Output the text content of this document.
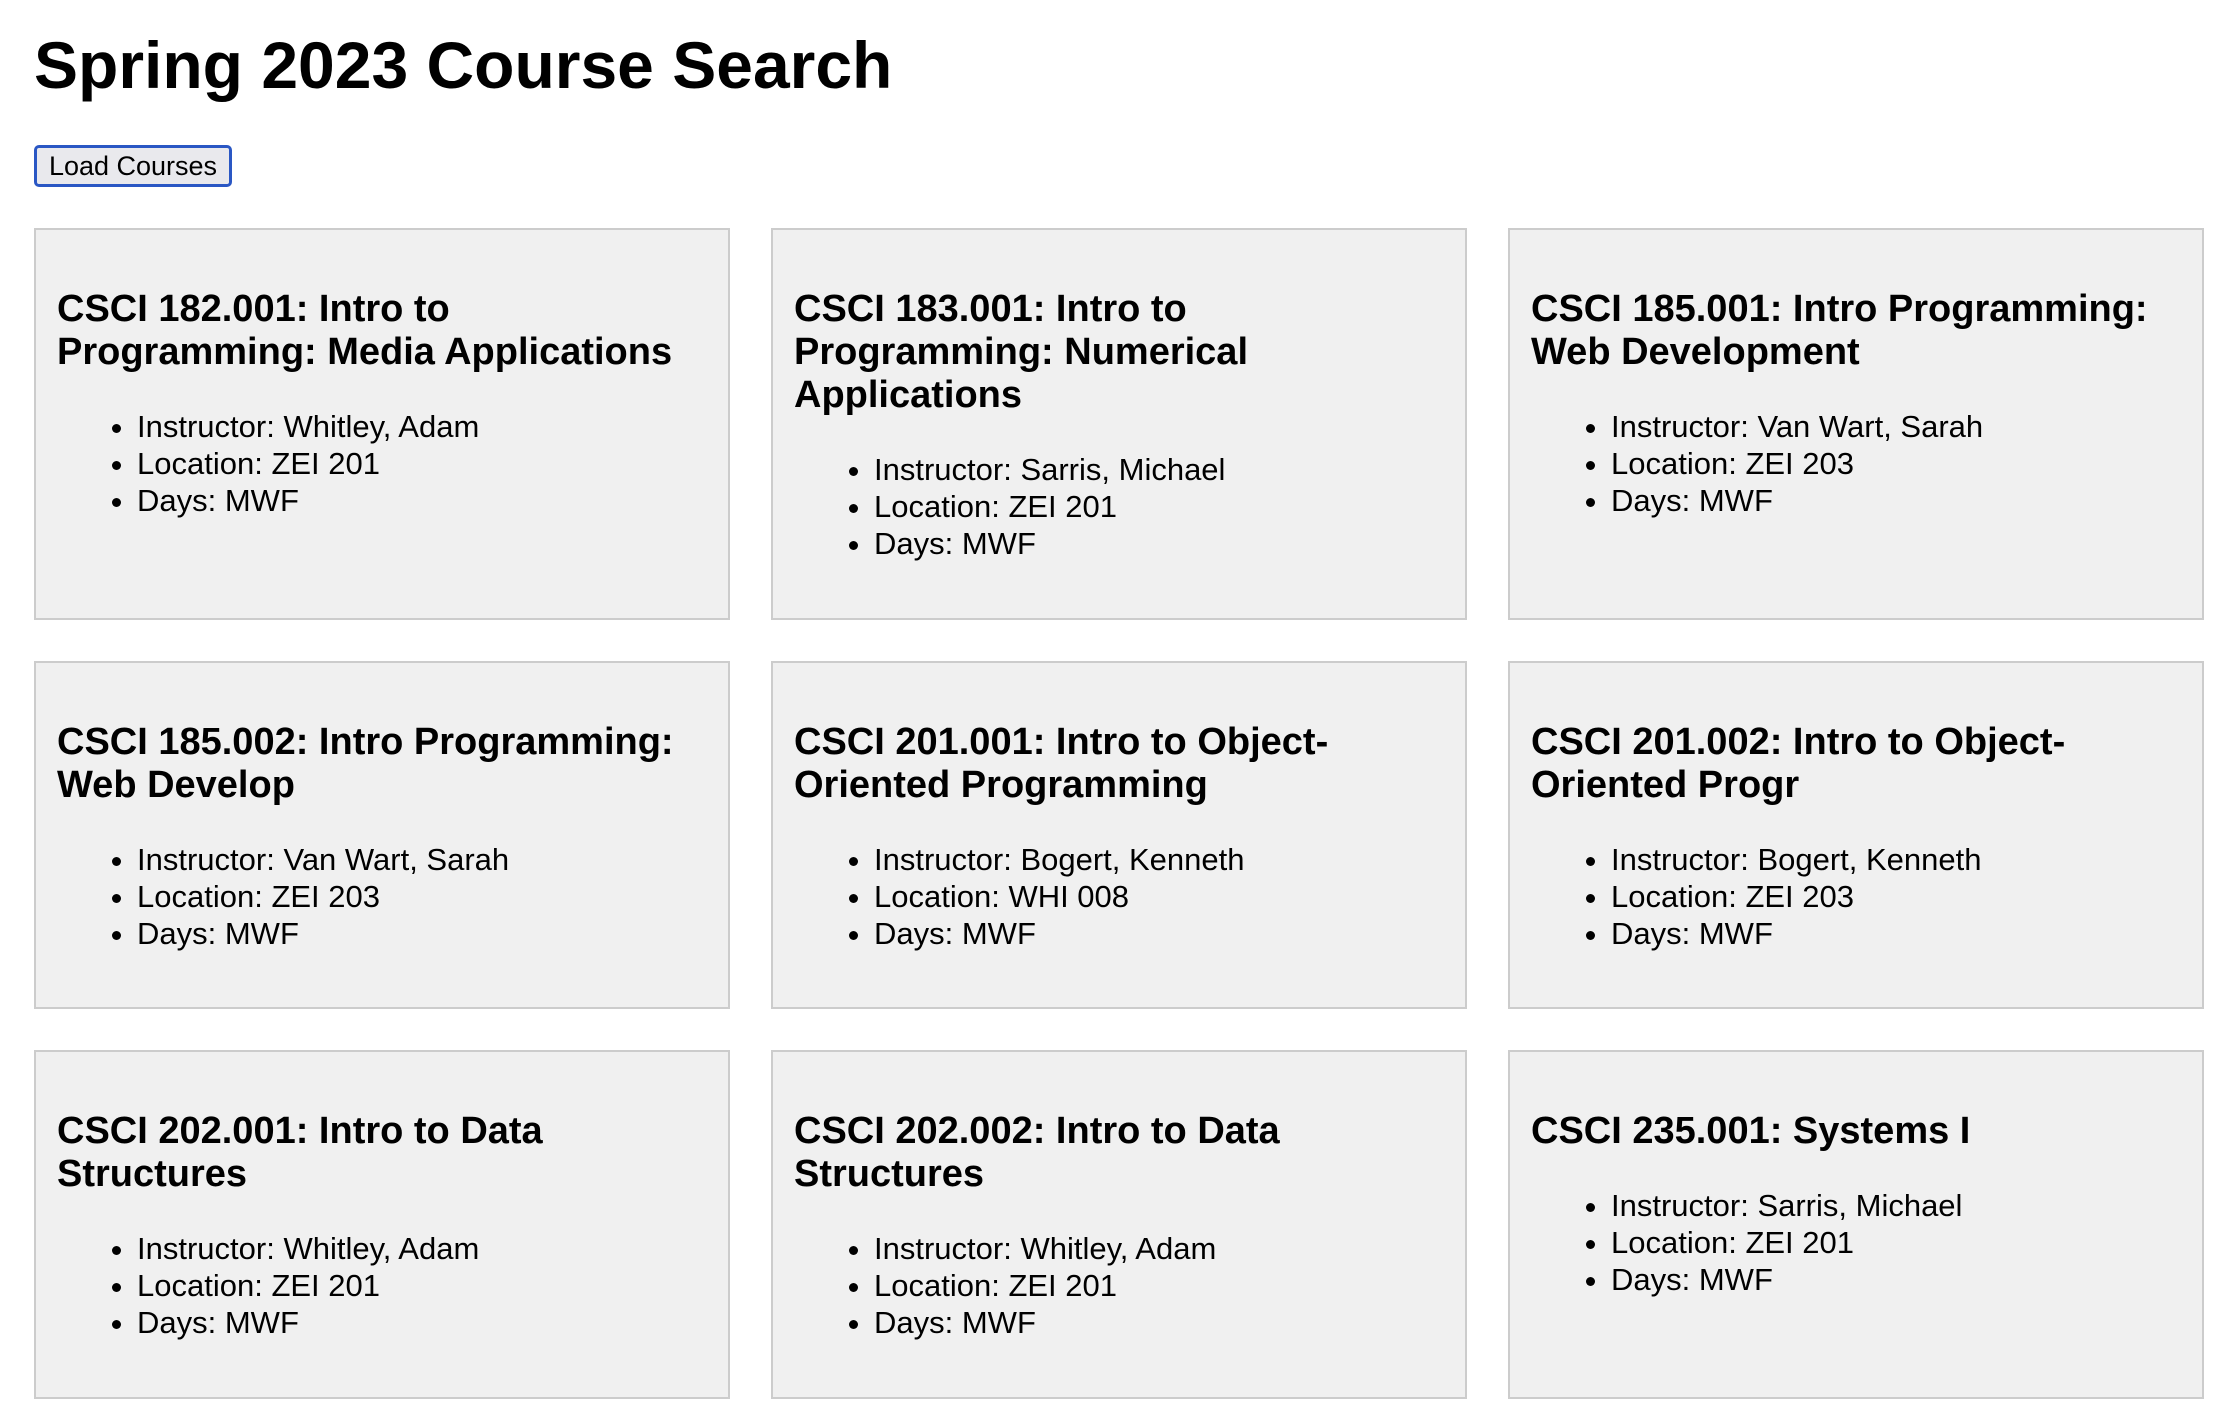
Spring 2023 Course Search
Load Courses
CSCI 182.001: Intro to Programming: Media Applications
• Instructor: Whitley, Adam
• Location: ZEI 201
• Days: MWF
CSCI 183.001: Intro to Programming: Numerical Applications
• Instructor: Sarris, Michael
• Location: ZEI 201
• Days: MWF
CSCI 185.001: Intro Programming: Web Development
• Instructor: Van Wart, Sarah
• Location: ZEI 203
• Days: MWF
CSCI 185.002: Intro Programming: Web Develop
• Instructor: Van Wart, Sarah
• Location: ZEI 203
• Days: MWF
CSCI 201.001: Intro to Object-Oriented Programming
• Instructor: Bogert, Kenneth
• Location: WHI 008
• Days: MWF
CSCI 201.002: Intro to Object-Oriented Progr
• Instructor: Bogert, Kenneth
• Location: ZEI 203
• Days: MWF
CSCI 202.001: Intro to Data Structures
• Instructor: Whitley, Adam
• Location: ZEI 201
• Days: MWF
CSCI 202.002: Intro to Data Structures
• Instructor: Whitley, Adam
• Location: ZEI 201
• Days: MWF
CSCI 235.001: Systems I
• Instructor: Sarris, Michael
• Location: ZEI 201
• Days: MWF
